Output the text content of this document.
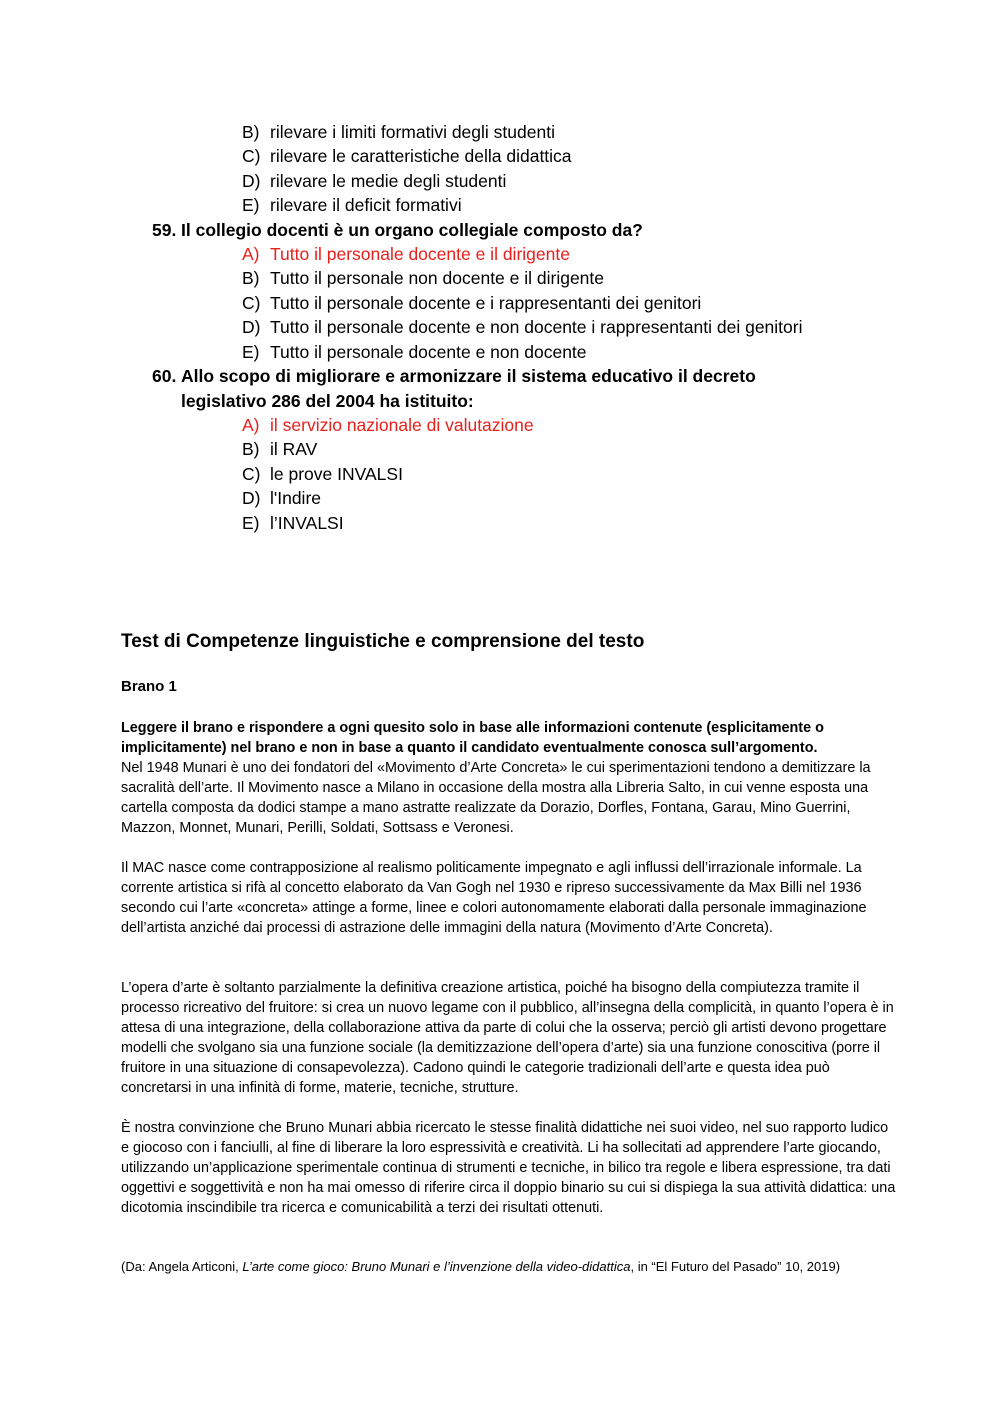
B) rilevare i limiti formativi degli studenti
C) rilevare le caratteristiche della didattica
D) rilevare le medie degli studenti
E) rilevare il deficit formativi
59. Il collegio docenti è un organo collegiale composto da?
A) Tutto il personale docente e il dirigente
B) Tutto il personale non docente e il dirigente
C) Tutto il personale docente e i rappresentanti dei genitori
D) Tutto il personale docente e non docente i rappresentanti dei genitori
E) Tutto il personale docente e non docente
60. Allo scopo di migliorare e armonizzare il sistema educativo il decreto
legislativo 286 del 2004 ha istituito:
A) il servizio nazionale di valutazione
B) il RAV
C) le prove INVALSI
D) l'Indire
E) l’INVALSI
Test di Competenze linguistiche e comprensione del testo
Brano 1

Leggere il brano e rispondere a ogni quesito solo in base alle informazioni contenute (esplicitamente o implicitamente) nel brano e non in base a quanto il candidato eventualmente conosca sull’argomento.

Nel 1948 Munari è uno dei fondatori del «Movimento d’Arte Concreta» le cui sperimentazioni tendono a demitizzare la sacralità dell’arte. Il Movimento nasce a Milano in occasione della mostra alla Libreria Salto, in cui venne esposta una cartella composta da dodici stampe a mano astratte realizzate da Dorazio, Dorfles, Fontana, Garau, Mino Guerrini, Mazzon, Monnet, Munari, Perilli, Soldati, Sottsass e Veronesi.

Il MAC nasce come contrapposizione al realismo politicamente impegnato e agli influssi dell’irrazionale informale. La corrente artistica si rifà al concetto elaborato da Van Gogh nel 1930 e ripreso successivamente da Max Billi nel 1936 secondo cui l’arte «concreta» attinge a forme, linee e colori autonomamente elaborati dalla personale immaginazione dell’artista anziché dai processi di astrazione delle immagini della natura (Movimento d’Arte Concreta).

L’opera d’arte è soltanto parzialmente la definitiva creazione artistica, poiché ha bisogno della compiutezza tramite il processo ricreativo del fruitore: si crea un nuovo legame con il pubblico, all’insegna della complicità, in quanto l’opera è in attesa di una integrazione, della collaborazione attiva da parte di colui che la osserva; perciò gli artisti devono progettare modelli che svolgano sia una funzione sociale (la demitizzazione dell’opera d’arte) sia una funzione conoscitiva (porre il fruitore in una situazione di consapevolezza). Cadono quindi le categorie tradizionali dell’arte e questa idea può concretarsi in una infinità di forme, materie, tecniche, strutture.

È nostra convinzione che Bruno Munari abbia ricercato le stesse finalità didattiche nei suoi video, nel suo rapporto ludico e giocoso con i fanciulli, al fine di liberare la loro espressività e creatività. Li ha sollecitati ad apprendere l’arte giocando, utilizzando un’applicazione sperimentale continua di strumenti e tecniche, in bilico tra regole e libera espressione, tra dati oggettivi e soggettività e non ha mai omesso di riferire circa il doppio binario su cui si dispiega la sua attività didattica: una dicotomia inscindibile tra ricerca e comunicabilità a terzi dei risultati ottenuti.

(Da: Angela Articoni, L’arte come gioco: Bruno Munari e l’invenzione della video-didattica, in “El Futuro del Pasado” 10, 2019)
